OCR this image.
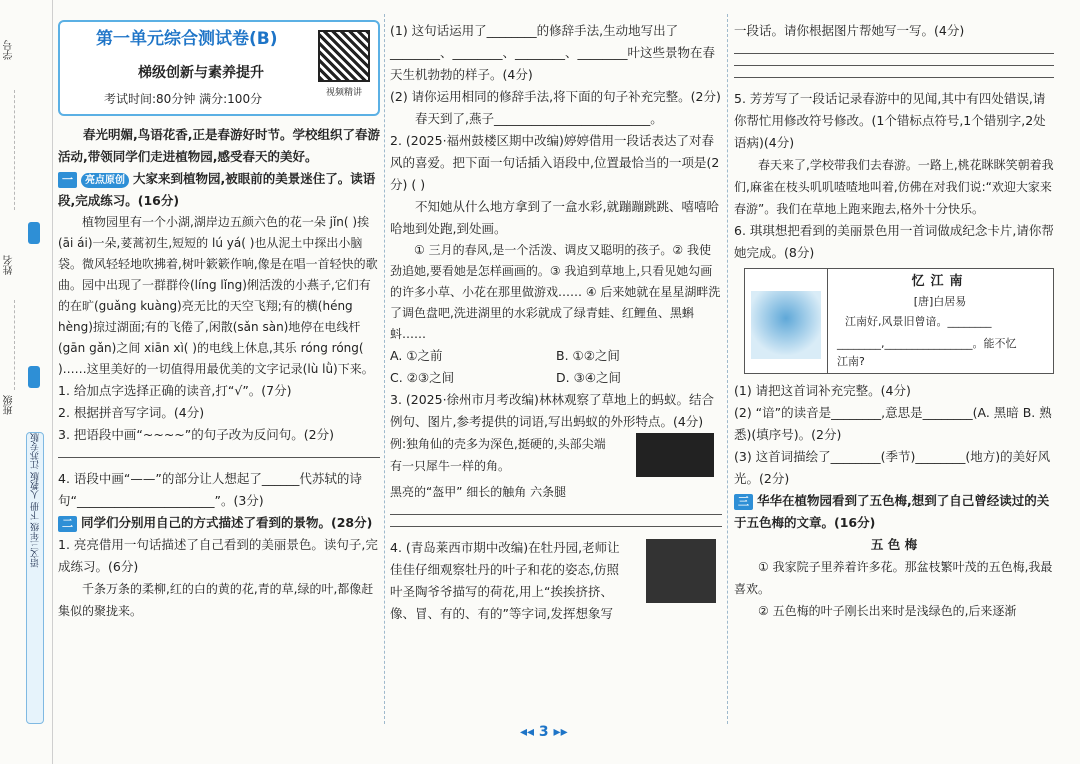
学号
姓名
班级
语文三年级 下册 人教版 江苏专版
第一单元综合测试卷(B)
梯级创新与素养提升
考试时间:80分钟 满分:100分	视频精讲

春光明媚,鸟语花香,正是春游好时节。学校组织了春游活动,带领同学们走进植物园,感受春天的美好。

一 亮点原创 大家来到植物园,被眼前的美景迷住了。读语段,完成练习。(16分)

植物园里有一个小湖,湖岸边五颜六色的花一朵 jǐn( )挨(āi ái)一朵,荽蒿初生,短短的 lú yá( )也从泥土中探出小脑袋。微风轻轻地吹拂着,树叶簌簌作响,像是在唱一首轻快的歌曲。园中出现了一群群伶(líng lǐng)俐活泼的小燕子,它们有的在旷(guǎng kuàng)亮无比的天空飞翔;有的横(héng hèng)掠过湖面;有的飞倦了,闲散(sǎn sàn)地停在电线杆(gān gǎn)之间 xiān xì( )的电线上休息,其乐 róng róng( )……这里美好的一切值得用最优美的文字记录(lù lǜ)下来。

1. 给加点字选择正确的读音,打“√”。(7分)

2. 根据拼音写字词。(4分)

3. 把语段中画“~~~~”的句子改为反问句。(2分)

4. 语段中画“——”的部分让人想起了______代苏轼的诗句“______________________”。(3分)

二 同学们分别用自己的方式描述了看到的景物。(28分)

1. 亮亮借用一句话描述了自己看到的美丽景色。读句子,完成练习。(6分)

千条万条的柔柳,红的白的黄的花,青的草,绿的叶,都像赶集似的聚拢来。

(1) 这句话运用了________的修辞手法,生动地写出了________、________、________、________叶这些景物在春天生机勃勃的样子。(4分)

(2) 请你运用相同的修辞手法,将下面的句子补充完整。(2分)

春天到了,燕子_________________________。

2. (2025·福州鼓楼区期中改编)婷婷借用一段话表达了对春风的喜爱。把下面一句话插入语段中,位置最恰当的一项是(2分) ( )

不知她从什么地方拿到了一盒水彩,就蹦蹦跳跳、嘻嘻哈哈地到处跑,到处画。

① 三月的春风,是一个活泼、调皮又聪明的孩子。② 我使劲追她,要看她是怎样画画的。③ 我追到草地上,只看见她勾画的许多小草、小花在那里做游戏…… ④ 后来她就在星星湖畔洗了调色盘吧,洗进湖里的水彩就成了绿青蛙、红鲤鱼、黑蝌蚪……

A. ①之前	B. ①②之间
C. ②③之间	D. ③④之间

3. (2025·徐州市月考改编)林林观察了草地上的蚂蚁。结合例句、图片,参考提供的词语,写出蚂蚁的外形特点。(4分)

例:独角仙的壳多为深色,挺硬的,头部尖端有一只犀牛一样的角。

黑亮的“盔甲” 细长的触角 六条腿

4. (青岛莱西市期中改编)在牡丹园,老师让佳佳仔细观察牡丹的叶子和花的姿态,仿照叶圣陶爷爷描写的荷花,用上“挨挨挤挤、像、冒、有的、有的”等字词,发挥想象写

一段话。请你根据图片帮她写一写。(4分)

5. 芳芳写了一段话记录春游中的见闻,其中有四处错误,请你帮忙用修改符号修改。(1个错标点符号,1个错别字,2处语病)(4分)

春天来了,学校带我们去春游。一路上,桃花眯眯笑朝着我们,麻雀在枝头叽叽喳喳地叫着,仿佛在对我们说:“欢迎大家来春游”。我们在草地上跑来跑去,格外十分快乐。

6. 琪琪想把看到的美丽景色用一首词做成纪念卡片,请你帮她完成。(8分)

忆江南
[唐]白居易
江南好,风景旧曾谙。________
________,________________。能不忆
江南?

(1) 请把这首词补充完整。(4分)

(2) “谙”的读音是________,意思是________(A. 黑暗 B. 熟悉)(填序号)。(2分)

(3) 这首词描绘了________(季节)________(地方)的美好风光。(2分)

三 华华在植物园看到了五色梅,想到了自己曾经读过的关于五色梅的文章。(16分)

五 色 梅

① 我家院子里养着许多花。那盆枝繁叶茂的五色梅,我最喜欢。

② 五色梅的叶子刚长出来时是浅绿色的,后来逐渐

◂◂ 3 ▸▸
